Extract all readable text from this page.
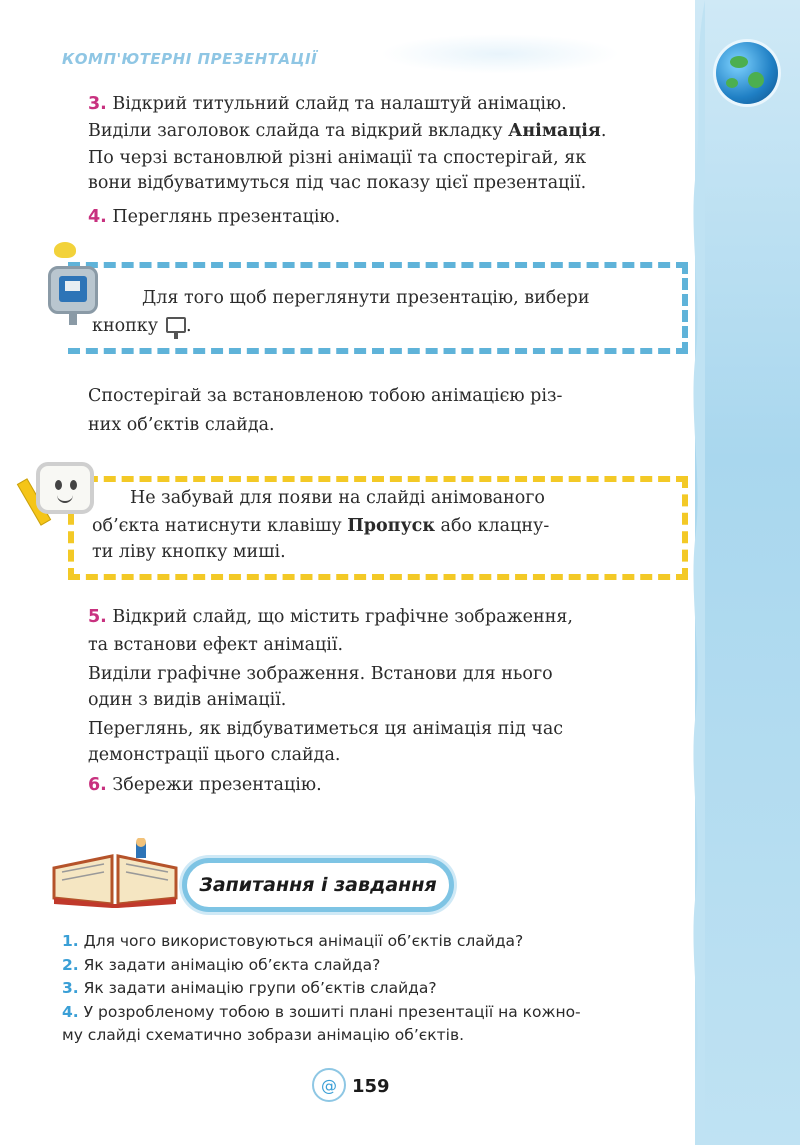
КОМП'ЮТЕРНІ ПРЕЗЕНТАЦІЇ

3. Відкрий титульний слайд та налаштуй анімацію.

Виділи заголовок слайда та відкрий вкладку Анімація.

По черзі встановлюй різні анімації та спостерігай, як

вони відбуватимуться під час показу цієї презентації.

4. Переглянь презентацію.

Для того щоб переглянути презентацію, вибери

кнопку .

Спостерігай за встановленою тобою анімацією різ-

них об’єктів слайда.

Не забувай для появи на слайді анімованого

об’єкта натиснути клавішу Пропуск або клацну-

ти ліву кнопку миші.

5. Відкрий слайд, що містить графічне зображення,

та встанови ефект анімації.

Виділи графічне зображення. Встанови для нього

один з видів анімації.

Переглянь, як відбуватиметься ця анімація під час

демонстрації цього слайда.

6. Збережи презентацію.

Запитання і завдання
1. Для чого використовуються анімації об’єктів слайда?
2. Як задати анімацію об’єкта слайда?
3. Як задати анімацію групи об’єктів слайда?
4. У розробленому тобою в зошиті плані презентації на кожно-
му слайді схематично зобрази анімацію об’єктів.
@ 159
